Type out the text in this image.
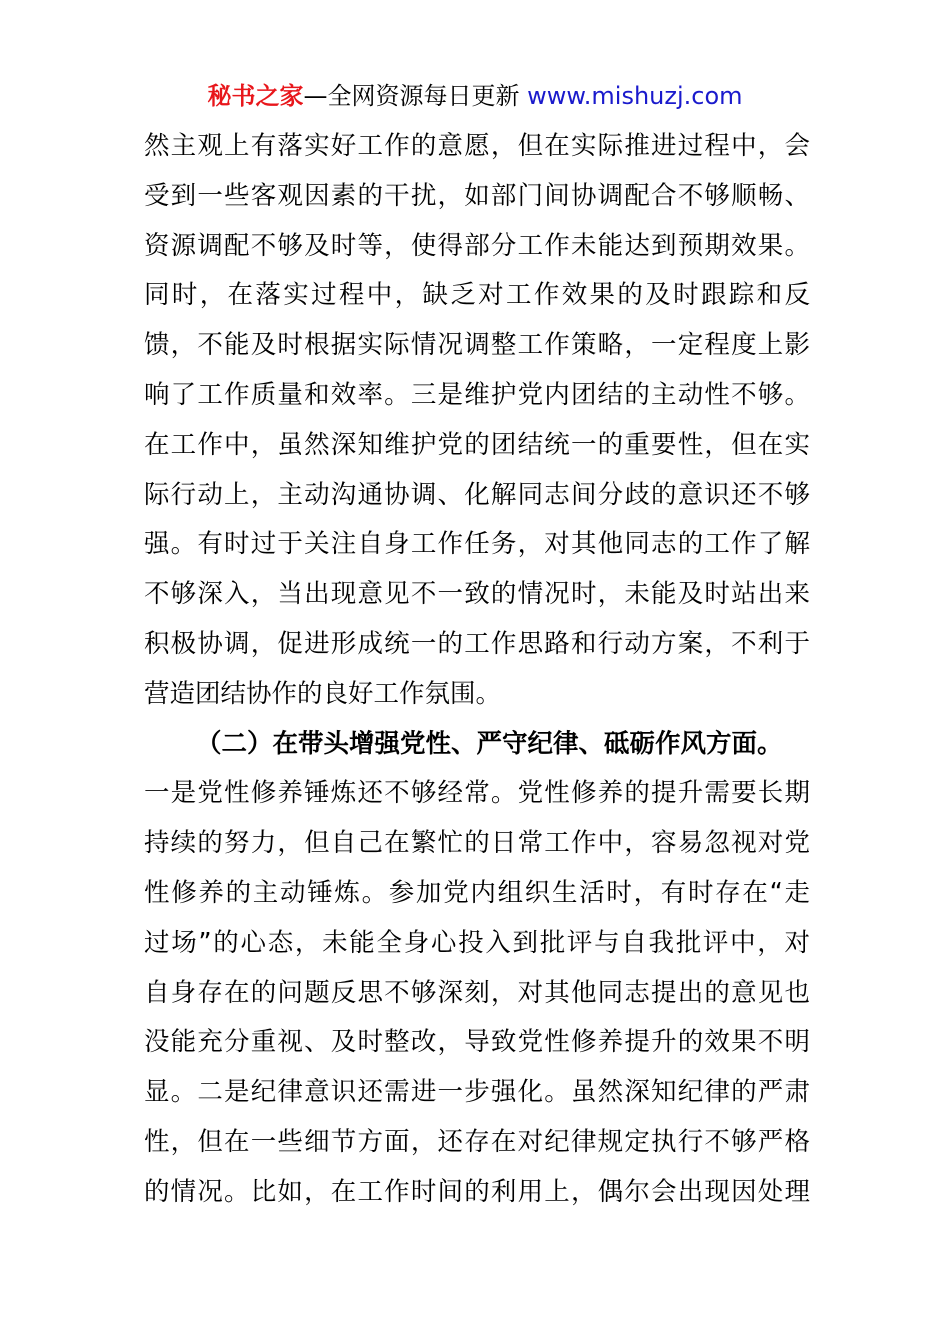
秘书之家—全网资源每日更新 www.mishuzj.com
然主观上有落实好工作的意愿，但在实际推进过程中，会
受到一些客观因素的干扰，如部门间协调配合不够顺畅、
资源调配不够及时等，使得部分工作未能达到预期效果。
同时，在落实过程中，缺乏对工作效果的及时跟踪和反
馈，不能及时根据实际情况调整工作策略，一定程度上影
响了工作质量和效率。三是维护党内团结的主动性不够。
在工作中，虽然深知维护党的团结统一的重要性，但在实
际行动上，主动沟通协调、化解同志间分歧的意识还不够
强。有时过于关注自身工作任务，对其他同志的工作了解
不够深入，当出现意见不一致的情况时，未能及时站出来
积极协调，促进形成统一的工作思路和行动方案，不利于
营造团结协作的良好工作氛围。
（二）在带头增强党性、严守纪律、砥砺作风方面。
一是党性修养锤炼还不够经常。党性修养的提升需要长期
持续的努力，但自己在繁忙的日常工作中，容易忽视对党
性修养的主动锤炼。参加党内组织生活时，有时存在“走
过场”的心态，未能全身心投入到批评与自我批评中，对
自身存在的问题反思不够深刻，对其他同志提出的意见也
没能充分重视、及时整改，导致党性修养提升的效果不明
显。二是纪律意识还需进一步强化。虽然深知纪律的严肃
性，但在一些细节方面，还存在对纪律规定执行不够严格
的情况。比如，在工作时间的利用上，偶尔会出现因处理
